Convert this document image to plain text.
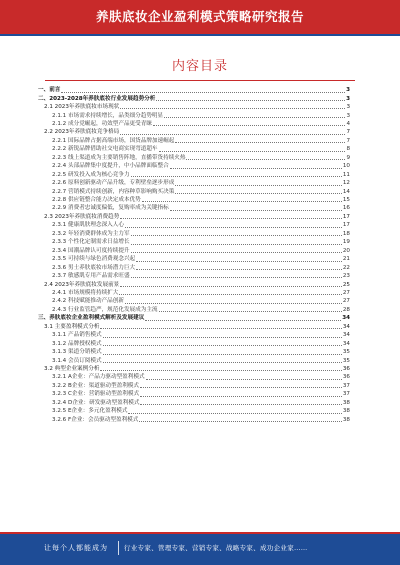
养肤底妆企业盈利模式策略研究报告
内容目录
一、前言	3
二、2023-2028年养肤底妆行业发展趋势分析	3
2.1 2023年养肤底妆市场现状	3
2.1.1 市场需求持续增长，品类细分趋势明显	3
2.1.2 成分党崛起，功效型产品更受青睐	4
2.2 2023年养肤底妆竞争格局	7
2.2.1 国际品牌占据高端市场，国货品牌加速崛起	7
2.2.2 新锐品牌借助社交电商实现弯道超车	8
2.2.3 线上渠道成为主要销售阵地，直播带货持续火热	9
2.2.4 头部品牌集中度提升，中小品牌面临整合	10
2.2.5 研发投入成为核心竞争力	11
2.2.6 原料创新驱动产品升级，专利壁垒逐步形成	12
2.2.7 营销模式持续创新，内容种草影响购买决策	14
2.2.8 供应链整合能力决定成本优势	15
2.2.9 消费者忠诚度偏低，复购率成为关键指标	16
2.3 2023年养肤底妆消费趋势	17
2.3.1 健康肌肤理念深入人心	17
2.3.2 年轻消费群体成为主力军	18
2.3.3 个性化定制需求日益增长	19
2.3.4 国潮品牌认可度持续提升	20
2.3.5 可持续与绿色消费观念兴起	21
2.3.6 男士养肤底妆市场潜力巨大	22
2.3.7 敏感肌专用产品需求旺盛	23
2.4 2023年养肤底妆发展前景	25
2.4.1 市场规模将持续扩大	27
2.4.2 科技赋能推动产品创新	27
2.4.3 行业监管趋严，规范化发展成为主流	28
三、养肤底妆企业盈利模式解析及发展建议	34
3.1 主要盈利模式分析	34
3.1.1 产品销售模式	34
3.1.2 品牌授权模式	34
3.1.3 渠道分销模式	35
3.1.4 会员订阅模式	35
3.2 典型企业案例分析	36
3.2.1 A企业：产品力驱动型盈利模式	36
3.2.2 B企业：渠道驱动型盈利模式	37
3.2.3 C企业：营销驱动型盈利模式	37
3.2.4 D企业：研发驱动型盈利模式	38
3.2.5 E企业：多元化盈利模式	38
3.2.6 F企业：会员驱动型盈利模式	38
让每个人都能成为 行业专家、管理专家、营销专家、战略专家、成功企业家……
